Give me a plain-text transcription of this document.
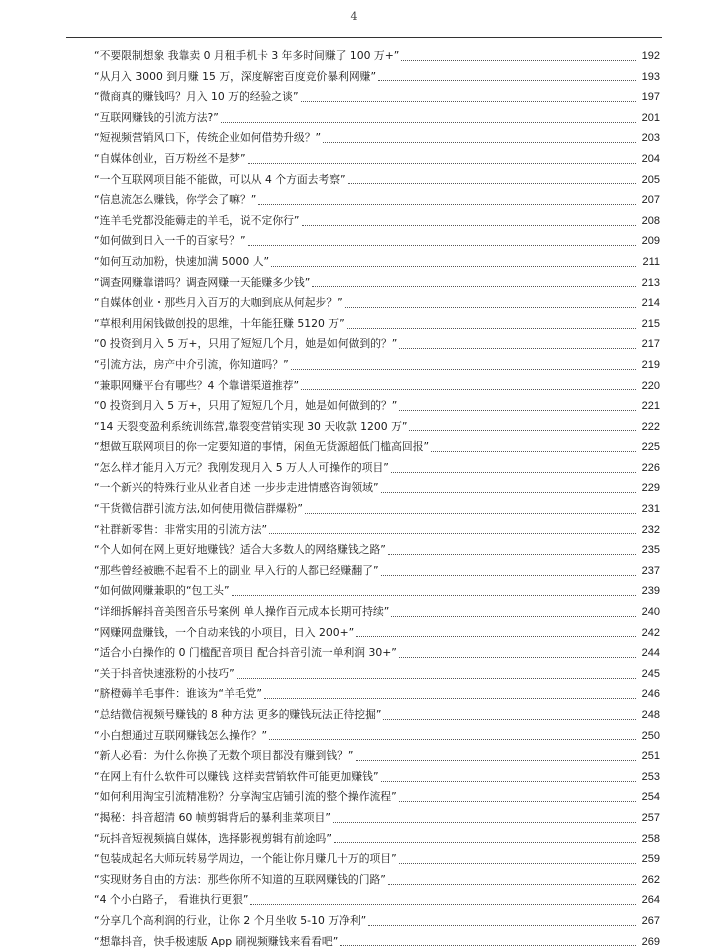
4
“不要限制想象 我靠卖 0 月租手机卡 3 年多时间赚了 100 万+”	192
“从月入 3000 到月赚 15 万，深度解密百度竞价暴利网赚”	193
“微商真的赚钱吗？月入 10 万的经验之谈”	197
“互联网赚钱的引流方法?”	201
“短视频营销风口下，传统企业如何借势升级？”	203
“自媒体创业，百万粉丝不是梦”	204
“一个互联网项目能不能做，可以从 4 个方面去考察”	205
“信息流怎么赚钱，你学会了嘛？”	207
“连羊毛党都没能薅走的羊毛，说不定你行”	208
“如何做到日入一千的百家号？”	209
“如何互动加粉，快速加满 5000 人”	211
“调查网赚靠谱吗？调查网赚一天能赚多少钱”	213
“自媒体创业・那些月入百万的大咖到底从何起步？”	214
“草根利用闲钱做创投的思维，十年能狂赚 5120 万”	215
“0 投资到月入 5 万+，只用了短短几个月，她是如何做到的？”	217
“引流方法，房产中介引流，你知道吗？”	219
“兼职网赚平台有哪些？4 个靠谱渠道推荐”	220
“0 投资到月入 5 万+，只用了短短几个月，她是如何做到的？”	221
“14 天裂变盈利系统训练营,靠裂变营销实现 30 天收款 1200 万”	222
“想做互联网项目的你一定要知道的事情，闲鱼无货源超低门槛高回报”	225
“怎么样才能月入万元？我刚发现月入 5 万人人可操作的项目”	226
“一个新兴的特殊行业从业者自述 一步步走进情感咨询领域”	229
“干货微信群引流方法,如何使用微信群爆粉”	231
“社群新零售：非常实用的引流方法”	232
“个人如何在网上更好地赚钱？适合大多数人的网络赚钱之路”	235
“那些曾经被瞧不起看不上的副业 早入行的人都已经赚翻了”	237
“如何做网赚兼职的“包工头”	239
“详细拆解抖音美图音乐号案例 单人操作百元成本长期可持续”	240
“网赚网盘赚钱，一个自动来钱的小项目，日入 200+”	242
“适合小白操作的 0 门槛配音项目 配合抖音引流一单利润 30+”	244
“关于抖音快速涨粉的小技巧”	245
“脐橙薅羊毛事件：谁该为“羊毛党”	246
“总结微信视频号赚钱的 8 种方法 更多的赚钱玩法正待挖掘”	248
“小白想通过互联网赚钱怎么操作？”	250
“新人必看：为什么你换了无数个项目都没有赚到钱？”	251
“在网上有什么软件可以赚钱 这样卖营销软件可能更加赚钱”	253
“如何利用淘宝引流精准粉？分享淘宝店铺引流的整个操作流程”	254
“揭秘：抖音超清 60 帧剪辑背后的暴利韭菜项目”	257
“玩抖音短视频搞自媒体，选择影视剪辑有前途吗”	258
“包装成起名大师玩转易学周边，一个能让你月赚几十万的项目”	259
“实现财务自由的方法：那些你所不知道的互联网赚钱的门路”	262
“4 个小白路子， 看谁执行更狠”	264
“分享几个高利润的行业，让你 2 个月坐收 5-10 万净利”	267
“想靠抖音，快手极速版 App 刷视频赚钱来看看吧”	269
